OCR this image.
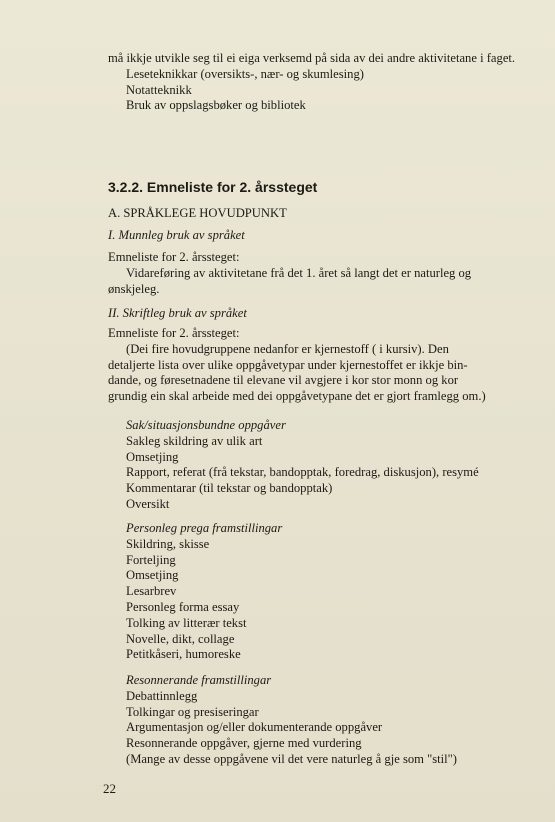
må ikkje utvikle seg til ei eiga verksemd på sida av dei andre aktivitetane i faget.
Leseteknikkar (oversikts-, nær- og skumlesing)
Notatteknikk
Bruk av oppslagsbøker og bibliotek
3.2.2. Emneliste for 2. årssteget
A. SPRÅKLEGE HOVUDPUNKT
I. Munnleg bruk av språket
Emneliste for 2. årssteget:
Vidareføring av aktivitetane frå det 1. året så langt det er naturleg og
ønskjeleg.
II. Skriftleg bruk av språket
Emneliste for 2. årssteget:
(Dei fire hovudgruppene nedanfor er kjernestoff ( i kursiv). Den
detaljerte lista over ulike oppgåvetypar under kjernestoffet er ikkje bin-
dande, og føresetnadene til elevane vil avgjere i kor stor monn og kor
grundig ein skal arbeide med dei oppgåvetypane det er gjort framlegg om.)
Sak/situasjonsbundne oppgåver
Sakleg skildring av ulik art
Omsetjing
Rapport, referat (frå tekstar, bandopptak, foredrag, diskusjon), resymé
Kommentarar (til tekstar og bandopptak)
Oversikt
Personleg prega framstillingar
Skildring, skisse
Forteljing
Omsetjing
Lesarbrev
Personleg forma essay
Tolking av litterær tekst
Novelle, dikt, collage
Petitkåseri, humoreske
Resonnerande framstillingar
Debattinnlegg
Tolkingar og presiseringar
Argumentasjon og/eller dokumenterande oppgåver
Resonnerande oppgåver, gjerne med vurdering
(Mange av desse oppgåvene vil det vere naturleg å gje som "stil")
22
